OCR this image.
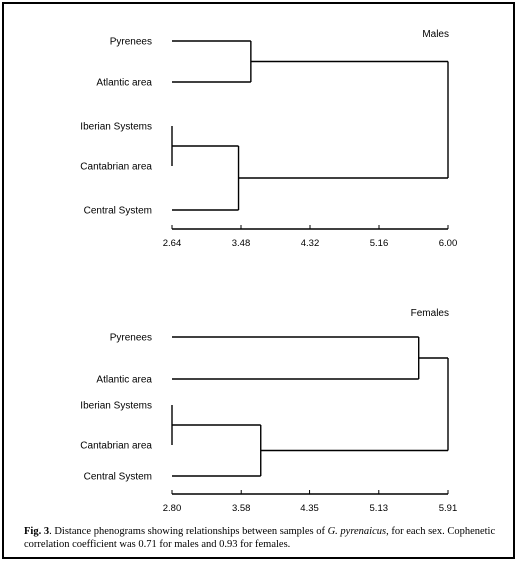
Males
Pyrenees
Atlantic area
Iberian Systems
Cantabrian area
Central System
2.64	3.48	4.32	5.16	6.00
Females
Pyrenees
Atlantic area
Iberian Systems
Cantabrian area
Central System
2.80	3.58	4.35	5.13	5.91
Fig. 3. Distance phenograms showing relationships between samples of G. pyrenaicus, for each sex. Cophenetic correlation coefficient was 0.71 for males and 0.93 for females.
